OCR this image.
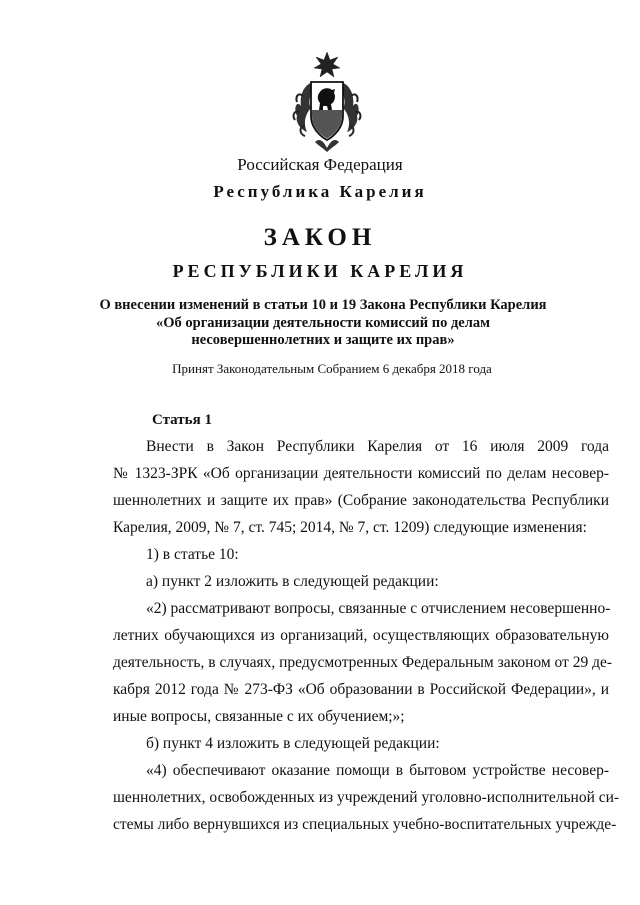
Российская Федерация
Республика Карелия
ЗАКОН
РЕСПУБЛИКИ КАРЕЛИЯ
О внесении изменений в статьи 10 и 19 Закона Республики Карелия
«Об организации деятельности комиссий по делам
несовершеннолетних и защите их прав»
Принят Законодательным Собранием 6 декабря 2018 года
Статья 1
Внести в Закон Республики Карелия от 16 июля 2009 года
№ 1323-ЗРК «Об организации деятельности комиссий по делам несовер-
шеннолетних и защите их прав» (Собрание законодательства Республики
Карелия, 2009, № 7, ст. 745; 2014, № 7, ст. 1209) следующие изменения:
1) в статье 10:
а) пункт 2 изложить в следующей редакции:
«2) рассматривают вопросы, связанные с отчислением несовершенно-
летних обучающихся из организаций, осуществляющих образовательную
деятельность, в случаях, предусмотренных Федеральным законом от 29 де-
кабря 2012 года № 273-ФЗ «Об образовании в Российской Федерации», и
иные вопросы, связанные с их обучением;»;
б) пункт 4 изложить в следующей редакции:
«4) обеспечивают оказание помощи в бытовом устройстве несовер-
шеннолетних, освобожденных из учреждений уголовно-исполнительной си-
стемы либо вернувшихся из специальных учебно-воспитательных учрежде-
